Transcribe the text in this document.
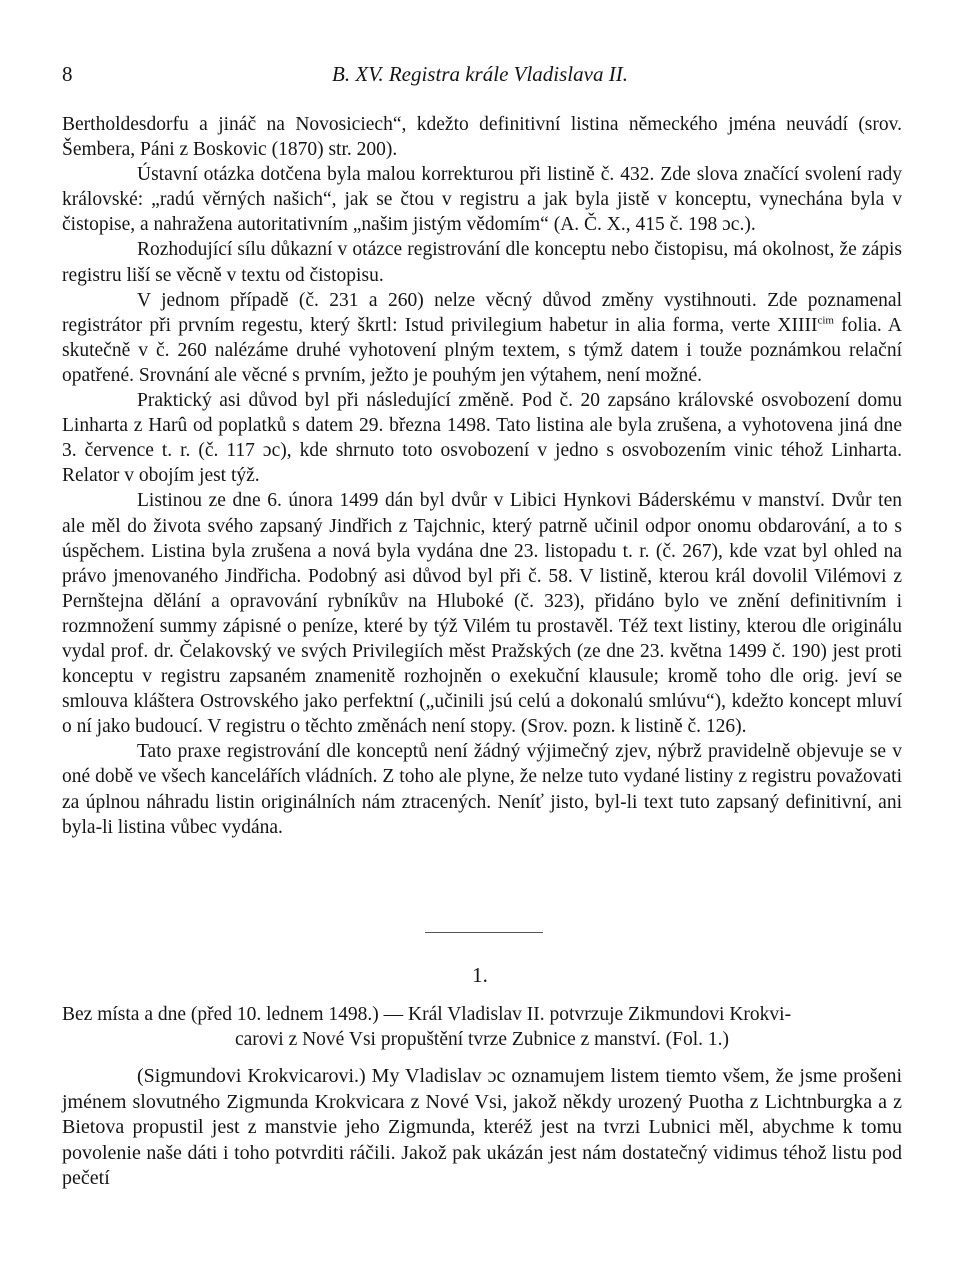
8	B. XV. Registra krále Vladislava II.

Bertholdesdorfu a jináč na Novosiciech“, kdežto definitivní listina německého jména neuvádí (srov. Šembera, Páni z Boskovic (1870) str. 200).

Ústavní otázka dotčena byla malou korrekturou při listině č. 432. Zde slova značící svolení rady královské: „radú věrných našich“, jak se čtou v registru a jak byla jistě v konceptu, vynechána byla v čistopise, a nahražena autoritativním „našim jistým vědomím“ (A. Č. X., 415 č. 198 ɔc.).

Rozhodující sílu důkazní v otázce registrování dle konceptu nebo čistopisu, má okolnost, že zápis registru liší se věcně v textu od čistopisu.

V jednom případě (č. 231 a 260) nelze věcný důvod změny vystihnouti. Zde poznamenal registrátor při prvním regestu, který škrtl: Istud privilegium habetur in alia forma, verte $XIIII^{cim}$ folia. A skutečně v č. 260 nalézáme druhé vyhotovení plným textem, s týmž datem i touže poznámkou relační opatřené. Srovnání ale věcné s prvním, ježto je pouhým jen výtahem, není možné.

Praktický asi důvod byl při následující změně. Pod č. 20 zapsáno královské osvobození domu Linharta z Harû od poplatků s datem 29. března 1498. Tato listina ale byla zrušena, a vyhotovena jiná dne 3. července t. r. (č. 117 ɔc), kde shrnuto toto osvobození v jedno s osvobozením vinic téhož Linharta. Relator v obojím jest týž.

Listinou ze dne 6. února 1499 dán byl dvůr v Libici Hynkovi Báderskému v manství. Dvůr ten ale měl do života svého zapsaný Jindřich z Tajchnic, který patrně učinil odpor onomu obdarování, a to s úspěchem. Listina byla zrušena a nová byla vydána dne 23. listopadu t. r. (č. 267), kde vzat byl ohled na právo jmenovaného Jindřicha. Podobný asi důvod byl při č. 58. V listině, kterou král dovolil Vilémovi z Pernštejna dělání a opravování rybníkův na Hluboké (č. 323), přidáno bylo ve znění definitivním i rozmnožení summy zápisné o peníze, které by týž Vilém tu prostavěl. Též text listiny, kterou dle originálu vydal prof. dr. Čelakovský ve svých Privilegiích měst Pražských (ze dne 23. května 1499 č. 190) jest proti konceptu v registru zapsaném znamenitě rozhojněn o exekuční klausule; kromě toho dle orig. jeví se smlouva kláštera Ostrovského jako perfektní („učinili jsú celú a dokonalú smlúvu“), kdežto koncept mluví o ní jako budoucí. V registru o těchto změnách není stopy. (Srov. pozn. k listině č. 126).

Tato praxe registrování dle konceptů není žádný výjimečný zjev, nýbrž pravidelně objevuje se v oné době ve všech kancelářích vládních. Z toho ale plyne, že nelze tuto vydané listiny z registru považovati za úplnou náhradu listin originálních nám ztracených. Neníť jisto, byl-li text tuto zapsaný definitivní, ani byla-li listina vůbec vydána.

1.
Bez místa a dne (před 10. lednem 1498.) — Král Vladislav II. potvrzuje Zikmundovi Krokvi-
carovi z Nové Vsi propuštění tvrze Zubnice z manství. (Fol. 1.)

(Sigmundovi Krokvicarovi.) My Vladislav ɔc oznamujem listem tiemto všem, že jsme prošeni jménem slovutného Zigmunda Krokvicara z Nové Vsi, jakož někdy urozený Puotha z Lichtnburgka a z Bietova propustil jest z manstvie jeho Zigmunda, kteréž jest na tvrzi Lubnici měl, abychme k tomu povolenie naše dáti i toho potvrditi ráčili. Jakož pak ukázán jest nám dostatečný vidimus téhož listu pod pečetí
